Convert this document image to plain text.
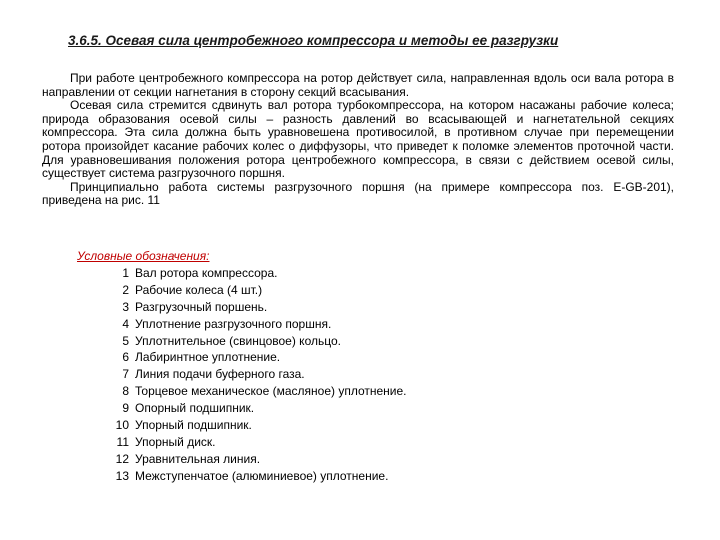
3.6.5. Осевая сила центробежного компрессора и методы ее разгрузки

При работе центробежного компрессора на ротор действует сила, направленная вдоль оси вала ротора в направлении от секции нагнетания в сторону секций всасывания.

Осевая сила стремится сдвинуть вал ротора турбокомпрессора, на котором насажаны рабочие колеса; природа образования осевой силы – разность давлений во всасывающей и нагнетательной секциях компрессора. Эта сила должна быть уравновешена противосилой, в противном случае при перемещении ротора произойдет касание рабочих колес о диффузоры, что приведет к поломке элементов проточной части. Для уравновешивания положения ротора центробежного компрессора, в связи с действием осевой силы, существует система разгрузочного поршня.

Принципиально работа системы разгрузочного поршня (на примере компрессора поз. E-GB-201), приведена на рис. 11

Условные обозначения:
1 Вал ротора компрессора.
2 Рабочие колеса (4 шт.)
3 Разгрузочный поршень.
4 Уплотнение разгрузочного поршня.
5 Уплотнительное (свинцовое) кольцо.
6 Лабиринтное уплотнение.
7 Линия подачи буферного газа.
8 Торцевое механическое (масляное) уплотнение.
9 Опорный подшипник.
10 Упорный подшипник.
11 Упорный диск.
12 Уравнительная линия.
13 Межступенчатое (алюминиевое) уплотнение.
